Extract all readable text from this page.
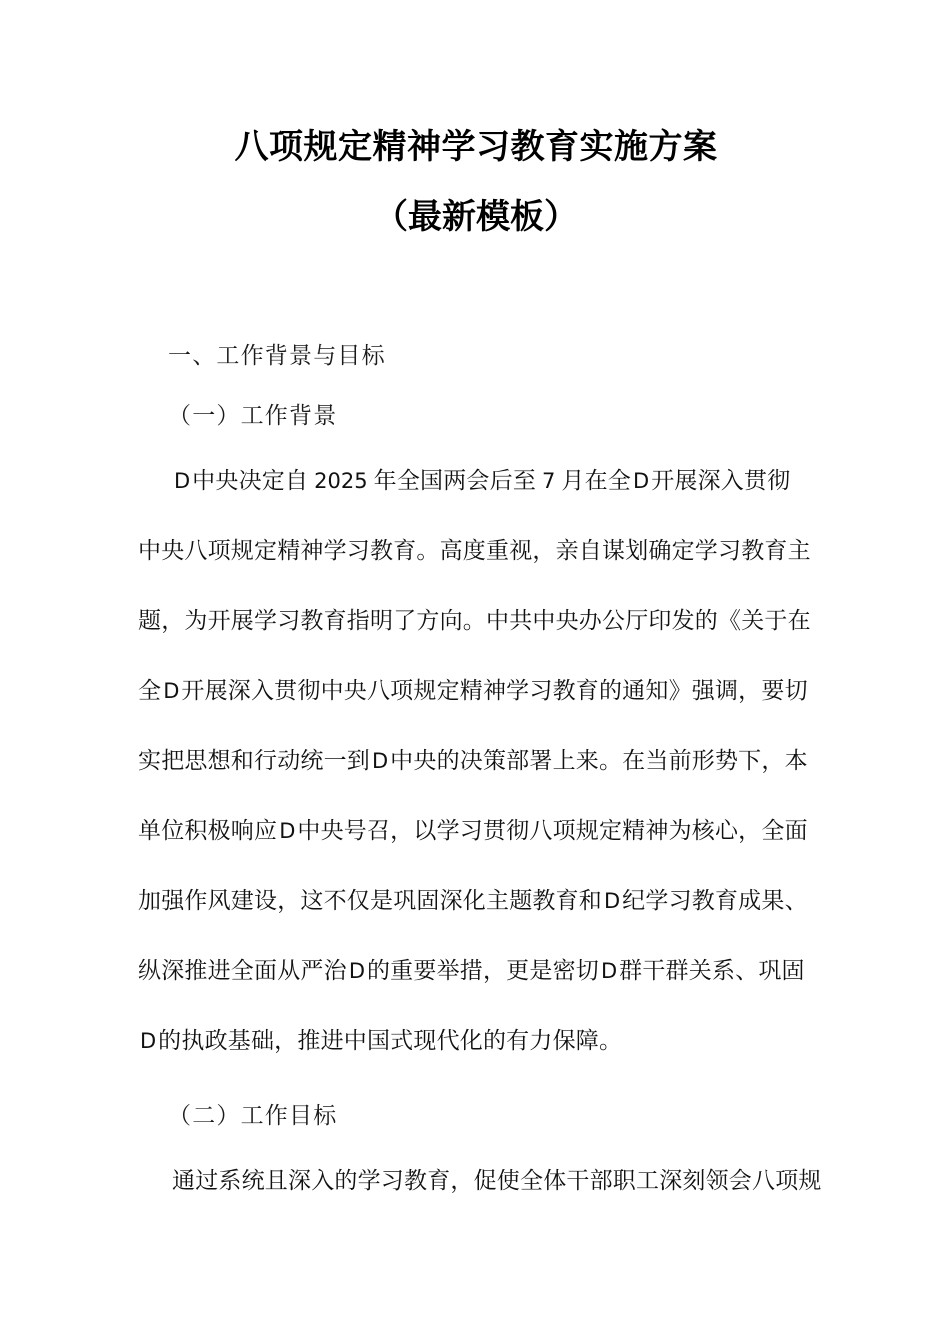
八项规定精神学习教育实施方案
（最新模板）
一、工作背景与目标
（一）工作背景
D中央决定自 2025 年全国两会后至 7 月在全D开展深入贯彻
中央八项规定精神学习教育。高度重视，亲自谋划确定学习教育主
题，为开展学习教育指明了方向。中共中央办公厅印发的《关于在
全D开展深入贯彻中央八项规定精神学习教育的通知》强调，要切
实把思想和行动统一到D中央的决策部署上来。在当前形势下，本
单位积极响应D中央号召，以学习贯彻八项规定精神为核心，全面
加强作风建设，这不仅是巩固深化主题教育和D纪学习教育成果、
纵深推进全面从严治D的重要举措，更是密切D群干群关系、巩固
D的执政基础，推进中国式现代化的有力保障。
（二）工作目标
通过系统且深入的学习教育，促使全体干部职工深刻领会八项规
